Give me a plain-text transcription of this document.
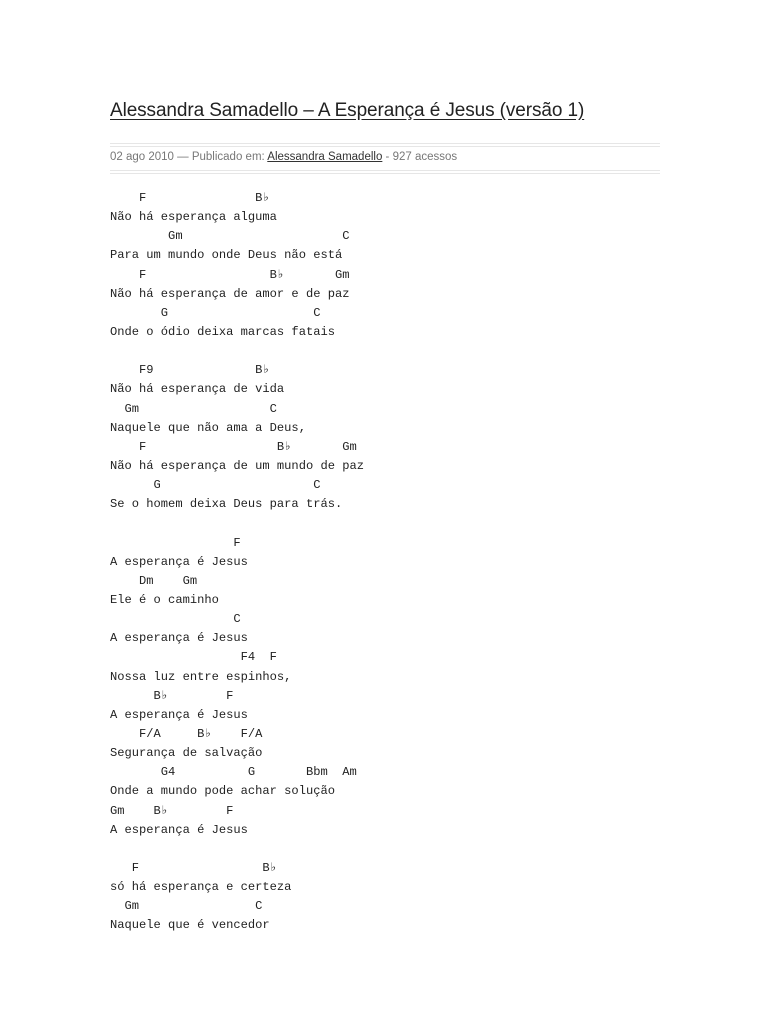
Alessandra Samadello – A Esperança é Jesus (versão 1)
02 ago 2010 — Publicado em: Alessandra Samadello - 927 acessos
F               B♭
Não há esperança alguma
Gm                      C
Para um mundo onde Deus não está
F                 B♭       Gm
Não há esperança de amor e de paz
G                    C
Onde o ódio deixa marcas fatais
F9              B♭
Não há esperança de vida
Gm                  C
Naquele que não ama a Deus,
F                  B♭       Gm
Não há esperança de um mundo de paz
G                     C
Se o homem deixa Deus para trás.
F
A esperança é Jesus
Dm    Gm
Ele é o caminho
C
A esperança é Jesus
F4  F
Nossa luz entre espinhos,
B♭        F
A esperança é Jesus
F/A     B♭    F/A
Segurança de salvação
G4          G       Bbm  Am
Onde a mundo pode achar solução
Gm    B♭        F
A esperança é Jesus
F                 B♭
só há esperança e certeza
Gm                C
Naquele que é vencedor
